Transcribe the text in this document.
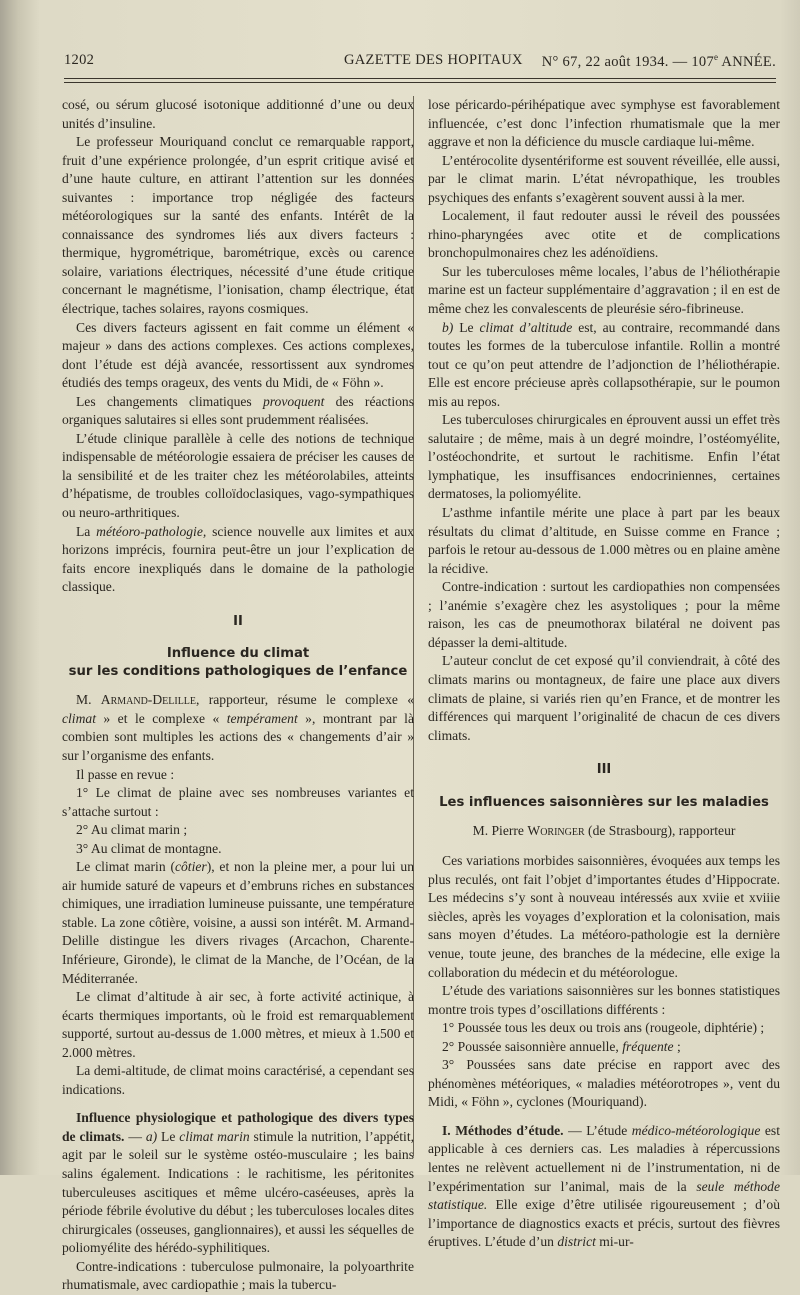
1202	GAZETTE DES HOPITAUX N° 67, 22 août 1934. — 107e ANNÉE.

cosé, ou sérum glucosé isotonique additionné d’une ou deux unités d’insuline.

Le professeur Mouriquand conclut ce remarquable rapport, fruit d’une expérience prolongée, d’un esprit critique avisé et d’une haute culture, en attirant l’attention sur les données suivantes : importance trop négligée des facteurs météorologiques sur la santé des enfants. Intérêt de la connaissance des syndromes liés aux divers facteurs : thermique, hygrométrique, barométrique, excès ou carence solaire, variations électriques, nécessité d’une étude critique concernant le magnétisme, l’ionisation, champ électrique, état électrique, taches solaires, rayons cosmiques.

Ces divers facteurs agissent en fait comme un élément « majeur » dans des actions complexes. Ces actions complexes, dont l’étude est déjà avancée, ressortissent aux syndromes étudiés des temps orageux, des vents du Midi, de « Föhn ».

Les changements climatiques provoquent des réactions organiques salutaires si elles sont prudemment réalisées.

L’étude clinique parallèle à celle des notions de technique indispensable de météorologie essaiera de préciser les causes de la sensibilité et de les traiter chez les météorolabiles, atteints d’hépatisme, de troubles colloïdoclasiques, vago-sympathiques ou neuro-arthritiques.

La météoro-pathologie, science nouvelle aux limites et aux horizons imprécis, fournira peut-être un jour l’explication de faits encore inexpliqués dans le domaine de la pathologie classique.

II
Influence du climat
sur les conditions pathologiques de l’enfance

M. Armand-Delille, rapporteur, résume le complexe « climat » et le complexe « tempérament », montrant par là combien sont multiples les actions des « changements d’air » sur l’organisme des enfants.

Il passe en revue :

1° Le climat de plaine avec ses nombreuses variantes et s’attache surtout :

2° Au climat marin ;

3° Au climat de montagne.

Le climat marin (côtier), et non la pleine mer, a pour lui un air humide saturé de vapeurs et d’embruns riches en substances chimiques, une irradiation lumineuse puissante, une température stable. La zone côtière, voisine, a aussi son intérêt. M. Armand-Delille distingue les divers rivages (Arcachon, Charente-Inférieure, Gironde), le climat de la Manche, de l’Océan, de la Méditerranée.

Le climat d’altitude à air sec, à forte activité actinique, à écarts thermiques importants, où le froid est remarquablement supporté, surtout au-dessus de 1.000 mètres, et mieux à 1.500 et 2.000 mètres.

La demi-altitude, de climat moins caractérisé, a cependant ses indications.

Influence physiologique et pathologique des divers types de climats. — a) Le climat marin stimule la nutrition, l’appétit, agit par le soleil sur le système ostéo-musculaire ; les bains salins également. Indications : le rachitisme, les péritonites tuberculeuses ascitiques et même ulcéro-caséeuses, après la période fébrile évolutive du début ; les tuberculoses locales dites chirurgicales (osseuses, ganglionnaires), et aussi les séquelles de poliomyélite des hérédo-syphilitiques.

Contre-indications : tuberculose pulmonaire, la polyoarthrite rhumatismale, avec cardiopathie ; mais la tubercu-

lose péricardo-périhépatique avec symphyse est favorablement influencée, c’est donc l’infection rhumatismale que la mer aggrave et non la déficience du muscle cardiaque lui-même.

L’entérocolite dysentériforme est souvent réveillée, elle aussi, par le climat marin. L’état névropathique, les troubles psychiques des enfants s’exagèrent souvent aussi à la mer.

Localement, il faut redouter aussi le réveil des poussées rhino-pharyngées avec otite et de complications bronchopulmonaires chez les adénoïdiens.

Sur les tuberculoses même locales, l’abus de l’héliothérapie marine est un facteur supplémentaire d’aggravation ; il en est de même chez les convalescents de pleurésie séro-fibrineuse.

b) Le climat d’altitude est, au contraire, recommandé dans toutes les formes de la tuberculose infantile. Rollin a montré tout ce qu’on peut attendre de l’adjonction de l’héliothérapie. Elle est encore précieuse après collapsothérapie, sur le poumon mis au repos.

Les tuberculoses chirurgicales en éprouvent aussi un effet très salutaire ; de même, mais à un degré moindre, l’ostéomyélite, l’ostéochondrite, et surtout le rachitisme. Enfin l’état lymphatique, les insuffisances endocriniennes, certaines dermatoses, la poliomyélite.

L’asthme infantile mérite une place à part par les beaux résultats du climat d’altitude, en Suisse comme en France ; parfois le retour au-dessous de 1.000 mètres ou en plaine amène la récidive.

Contre-indication : surtout les cardiopathies non compensées ; l’anémie s’exagère chez les asystoliques ; pour la même raison, les cas de pneumothorax bilatéral ne doivent pas dépasser la demi-altitude.

L’auteur conclut de cet exposé qu’il conviendrait, à côté des climats marins ou montagneux, de faire une place aux divers climats de plaine, si variés rien qu’en France, et de montrer les différences qui marquent l’originalité de chacun de ces divers climats.

III
Les influences saisonnières sur les maladies
M. Pierre Woringer (de Strasbourg), rapporteur

Ces variations morbides saisonnières, évoquées aux temps les plus reculés, ont fait l’objet d’importantes études d’Hippocrate. Les médecins s’y sont à nouveau intéressés aux xviie et xviiie siècles, après les voyages d’exploration et la colonisation, mais sans moyen d’études. La météoro-pathologie est la dernière venue, toute jeune, des branches de la médecine, elle exige la collaboration du médecin et du météorologue.

L’étude des variations saisonnières sur les bonnes statistiques montre trois types d’oscillations différents :

1° Poussée tous les deux ou trois ans (rougeole, diphtérie) ;

2° Poussée saisonnière annuelle, fréquente ;

3° Poussées sans date précise en rapport avec des phénomènes météoriques, « maladies météorotropes », vent du Midi, « Föhn », cyclones (Mouriquand).

I. Méthodes d’étude. — L’étude médico-météorologique est applicable à ces derniers cas. Les maladies à répercussions lentes ne relèvent actuellement ni de l’instrumentation, ni de l’expérimentation sur l’animal, mais de la seule méthode statistique. Elle exige d’être utilisée rigoureusement ; d’où l’importance de diagnostics exacts et précis, surtout des fièvres éruptives. L’étude d’un district mi-ur-
